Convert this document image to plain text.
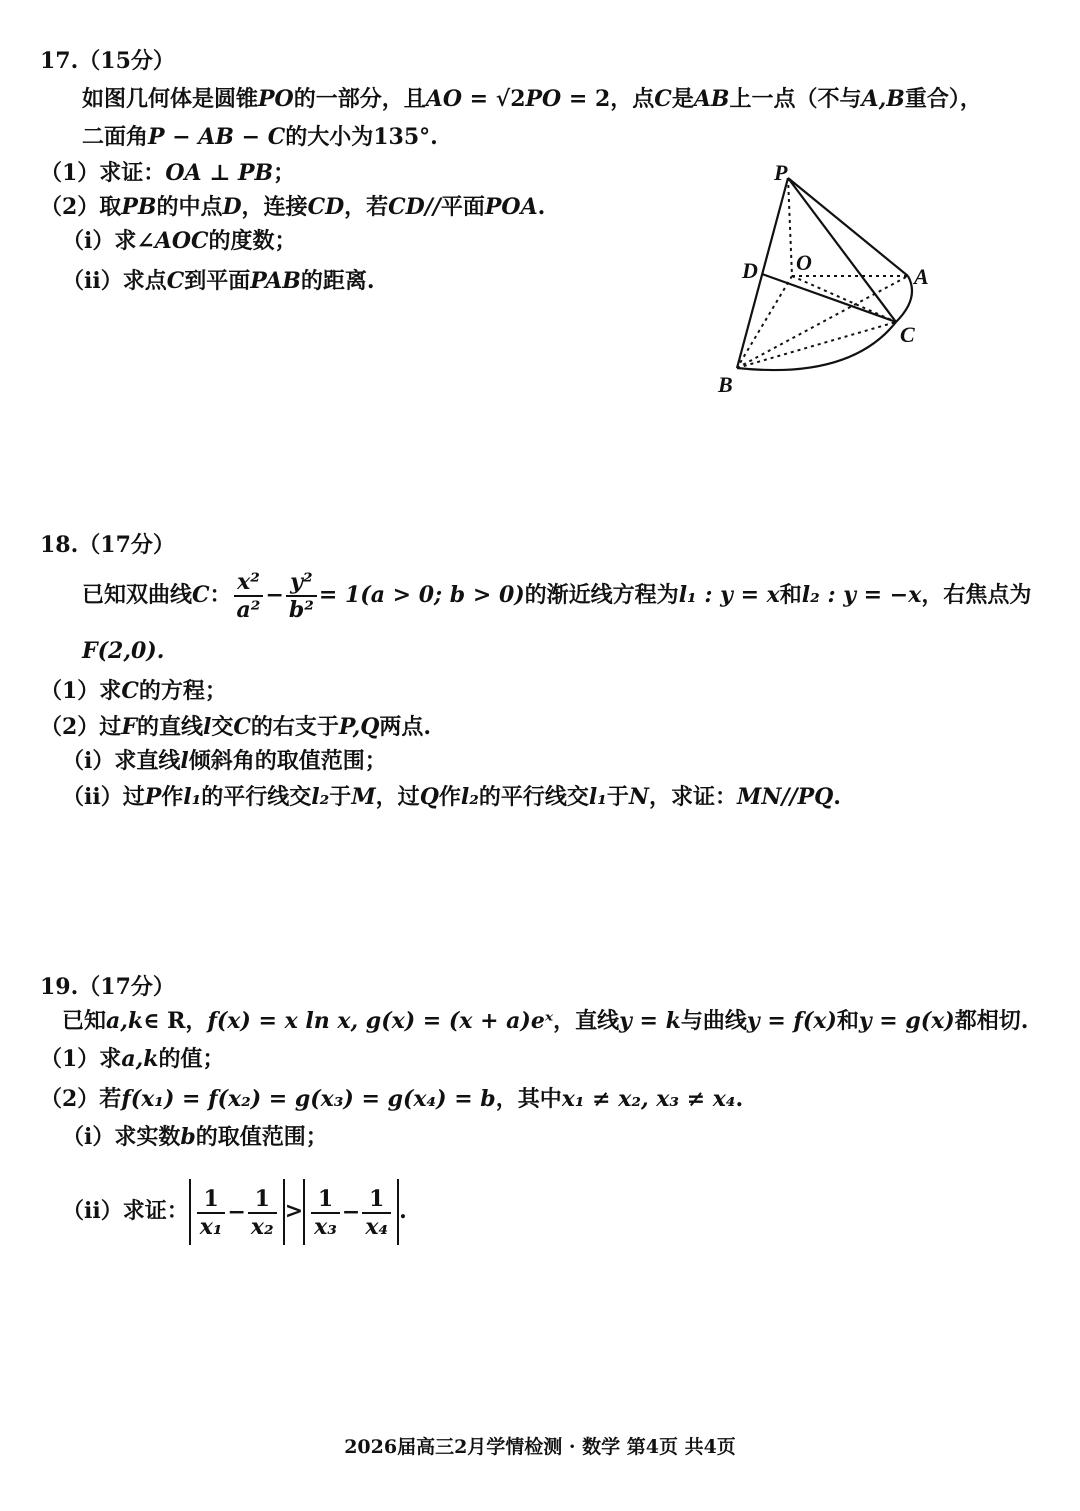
17.（15分）
如图几何体是圆锥PO的一部分，且AO = √2PO = 2，点C是AB上一点（不与A,B重合），
二面角P − AB − C的大小为135°.
（1）求证：OA ⊥ PB；
（2）取PB的中点D，连接CD，若CD//平面POA.
（i）求∠AOC的度数；
（ii）求点C到平面PAB的距离.
P
D O
A
C
B
18.（17分）
已知双曲线C： $\frac{\text{x²}}{\text{a²}} - \frac{\text{y²}}{\text{b²}} = 1(a > 0$; b > 0)的渐近线方程为l₁ : y = x和l₂ : y = −x，右焦点为
F(2,0).
（1）求C的方程；
（2）过F的直线l交C的右支于P,Q两点.
（i）求直线l倾斜角的取值范围；
（ii）过P作l₁的平行线交l₂于M，过Q作l₂的平行线交l₁于N，求证：MN//PQ.
19.（17分）
已知a,k∈ R，f(x) = x ln x, g(x) = (x + a)eˣ，直线y = k与曲线y = f(x)和y = g(x)都相切.
（1）求a,k的值；
（2）若f(x₁) = f(x₂) = g(x₃) = g(x₄) = b，其中x₁ ≠ x₂, x₃ ≠ x₄.
（i）求实数b的取值范围；
（ii）求证： $\frac{1}{\text{x₁}} - \frac{1}{\text{x₂}} > \frac{1}{\text{x₃}} - \frac{1}{\text{x₄}}$ .
2026届高三2月学情检测 · 数学 第4页 共4页
